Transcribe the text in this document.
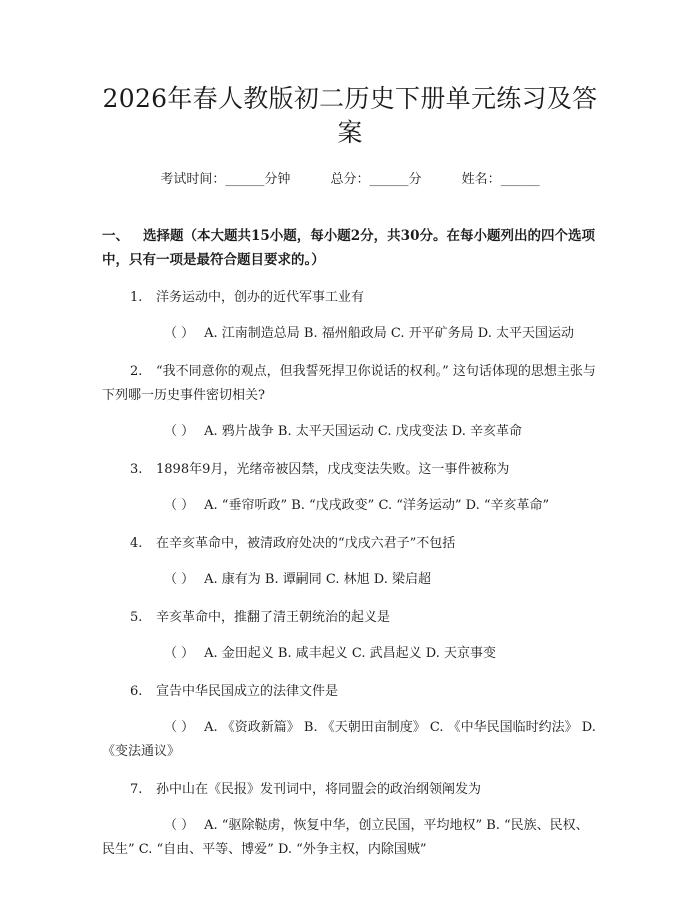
2026年春人教版初二历史下册单元练习及答案
考试时间：______分钟	总分：______分	姓名：______
一、 选择题（本大题共15小题，每小题2分，共30分。在每小题列出的四个选项中，只有一项是最符合题目要求的。）
1. 洋务运动中，创办的近代军事工业有
（ ） A. 江南制造总局 B. 福州船政局 C. 开平矿务局 D. 太平天国运动
2. “我不同意你的观点，但我誓死捍卫你说话的权利。” 这句话体现的思想主张与下列哪一历史事件密切相关?
（ ） A. 鸦片战争 B. 太平天国运动 C. 戊戌变法 D. 辛亥革命
3. 1898年9月，光绪帝被囚禁，戊戌变法失败。这一事件被称为
（ ） A. “垂帘听政” B. “戊戌政变” C. “洋务运动” D. “辛亥革命”
4. 在辛亥革命中，被清政府处决的“戊戌六君子”不包括
（ ） A. 康有为 B. 谭嗣同 C. 林旭 D. 梁启超
5. 辛亥革命中，推翻了清王朝统治的起义是
（ ） A. 金田起义 B. 咸丰起义 C. 武昌起义 D. 天京事变
6. 宣告中华民国成立的法律文件是
（ ） A. 《资政新篇》 B. 《天朝田亩制度》 C. 《中华民国临时约法》 D. 《变法通议》
7. 孙中山在《民报》发刊词中，将同盟会的政治纲领阐发为
（ ） A. “驱除鞑虏，恢复中华，创立民国，平均地权” B. “民族、民权、民生” C. “自由、平等、博爱” D. “外争主权，内除国贼”
